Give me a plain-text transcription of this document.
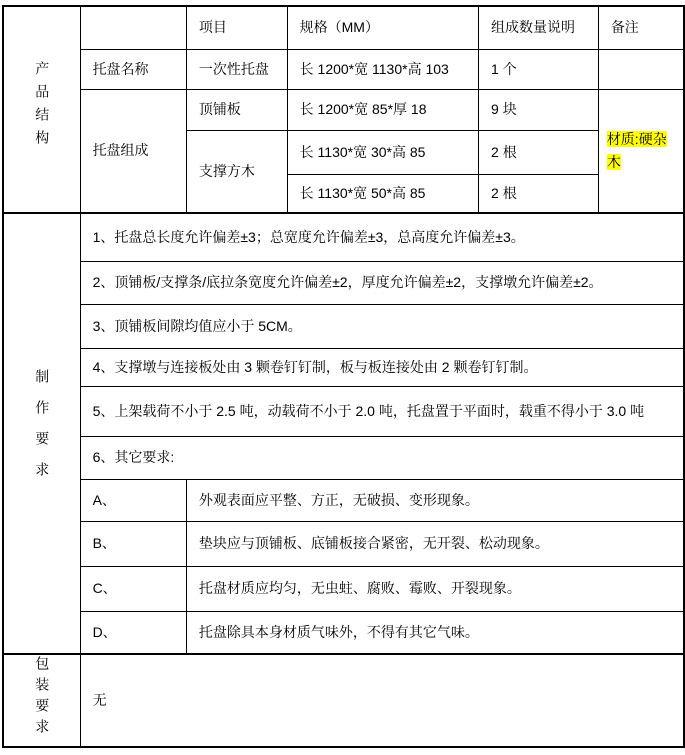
产品结构		项目	规格（MM）	组成数量说明	备注
	托盘名称	一次性托盘	长 1200*宽 1130*高 103	1 个	
	托盘组成	顶铺板	长 1200*宽 85*厚 18	9 块	材质:硬杂木
		支撑方木	长 1130*宽 30*高 85	2 根	
			长 1130*宽 50*高 85	2 根	
制作要求	1、托盘总长度允许偏差±3；总宽度允许偏差±3，总高度允许偏差±3。				
	2、顶铺板/支撑条/底拉条宽度允许偏差±2，厚度允许偏差±2，支撑墩允许偏差±2。				
	3、顶铺板间隙均值应小于 5CM。				
	4、支撑墩与连接板处由 3 颗卷钉钉制，板与板连接处由 2 颗卷钉钉制。				
	5、上架载荷不小于 2.5 吨，动载荷不小于 2.0 吨，托盘置于平面时，载重不得小于 3.0 吨				
	6、其它要求:				
	A、	外观表面应平整、方正，无破损、变形现象。			
	B、	垫块应与顶铺板、底铺板接合紧密，无开裂、松动现象。			
	C、	托盘材质应均匀，无虫蛀、腐败、霉败、开裂现象。			
	D、	托盘除具本身材质气味外，不得有其它气味。			
包装要求	无				
